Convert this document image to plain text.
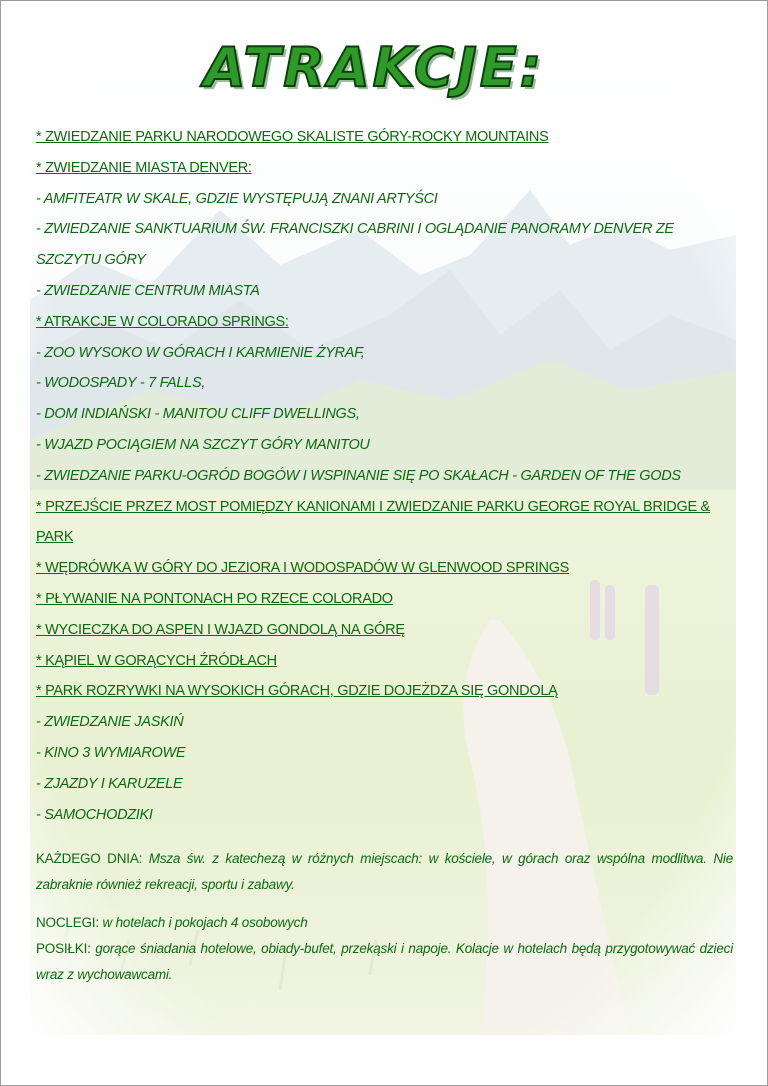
ATRAKCJE:
* ZWIEDZANIE PARKU NARODOWEGO SKALISTE GÓRY-ROCKY MOUNTAINS
* ZWIEDZANIE MIASTA DENVER:
- AMFITEATR W SKALE, GDZIE WYSTĘPUJĄ ZNANI ARTYŚCI
- ZWIEDZANIE SANKTUARIUM ŚW. FRANCISZKI CABRINI I OGLĄDANIE PANORAMY DENVER ZE
SZCZYTU GÓRY
- ZWIEDZANIE CENTRUM MIASTA
* ATRAKCJE W COLORADO SPRINGS:
- ZOO WYSOKO W GÓRACH I KARMIENIE ŻYRAF,
- WODOSPADY - 7 FALLS,
- DOM INDIAŃSKI - MANITOU CLIFF DWELLINGS,
- WJAZD POCIĄGIEM NA SZCZYT GÓRY MANITOU
- ZWIEDZANIE PARKU-OGRÓD BOGÓW I WSPINANIE SIĘ PO SKAŁACH - GARDEN OF THE GODS
* PRZEJŚCIE PRZEZ MOST POMIĘDZY KANIONAMI I ZWIEDZANIE PARKU GEORGE ROYAL BRIDGE &
PARK
* WĘDRÓWKA W GÓRY DO JEZIORA I WODOSPADÓW W GLENWOOD SPRINGS
* PŁYWANIE NA PONTONACH PO RZECE COLORADO
* WYCIECZKA DO ASPEN I WJAZD GONDOLĄ NA GÓRĘ
* KĄPIEL W GORĄCYCH ŹRÓDŁACH
* PARK ROZRYWKI NA WYSOKICH GÓRACH, GDZIE DOJEŻDZA SIĘ GONDOLĄ
- ZWIEDZANIE JASKIŃ
- KINO 3 WYMIAROWE
- ZJAZDY I KARUZELE
- SAMOCHODZIKI
KAŻDEGO DNIA: Msza św. z katechezą w różnych miejscach: w kościele, w górach oraz wspólna modlitwa. Nie zabraknie również rekreacji, sportu i zabawy.
NOCLEGI: w hotelach i pokojach 4 osobowych
POSIŁKI: gorące śniadania hotelowe, obiady-bufet, przekąski i napoje. Kolacje w hotelach będą przygotowywać dzieci wraz z wychowawcami.
